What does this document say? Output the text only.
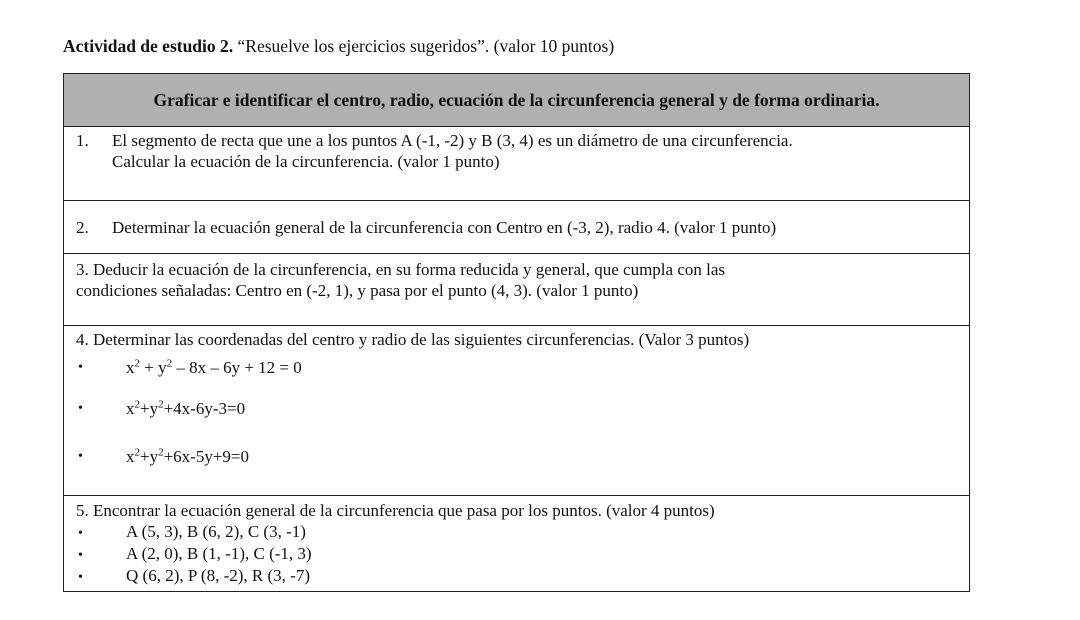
Actividad de estudio 2. “Resuelve los ejercicios sugeridos”. (valor 10 puntos)
Graficar e identificar el centro, radio, ecuación de la circunferencia general y de forma ordinaria.
1.	El segmento de recta que une a los puntos A (-1, -2) y B (3, 4) es un diámetro de una circunferencia.
Calcular la ecuación de la circunferencia. (valor 1 punto)
2.	Determinar la ecuación general de la circunferencia con Centro en (-3, 2), radio 4. (valor 1 punto)
3. Deducir la ecuación de la circunferencia, en su forma reducida y general, que cumpla con las
condiciones señaladas: Centro en (-2, 1), y pasa por el punto (4, 3). (valor 1 punto)
4. Determinar las coordenadas del centro y radio de las siguientes circunferencias. (Valor 3 puntos)
•	$x^2 + y^2 - 8x - 6y + 12 = 0$
•	$x^2+y^2+4x-6y-3=0$
•	$x^2+y^2+6x-5y+9=0$
5. Encontrar la ecuación general de la circunferencia que pasa por los puntos. (valor 4 puntos)
•	A (5, 3), B (6, 2), C (3, -1)
•	A (2, 0), B (1, -1), C (-1, 3)
•	Q (6, 2), P (8, -2), R (3, -7)
